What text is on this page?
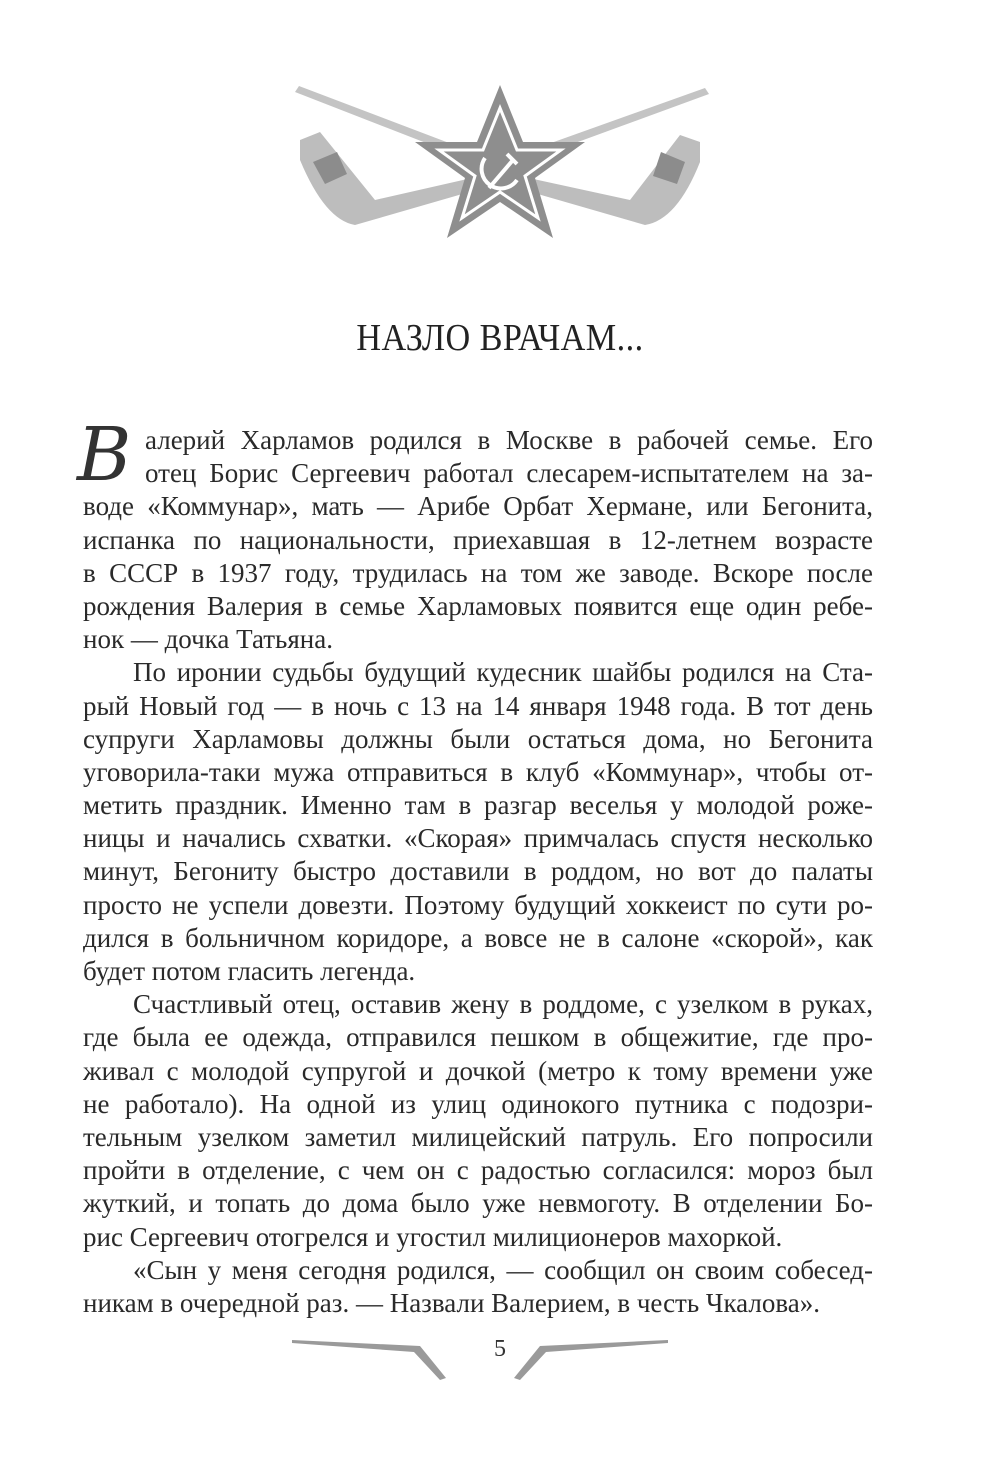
НАЗЛО ВРАЧАМ...
В алерий Харламов родился в Москве в рабочей семье. Его
отец Борис Сергеевич работал слесарем-испытателем на за-
воде «Коммунар», мать — Арибе Орбат Хермане, или Бегонита,
испанка по национальности, приехавшая в 12-летнем возрасте
в СССР в 1937 году, трудилась на том же заводе. Вскоре после
рождения Валерия в семье Харламовых появится еще один ребе-
нок — дочка Татьяна.
По иронии судьбы будущий кудесник шайбы родился на Ста-
рый Новый год — в ночь с 13 на 14 января 1948 года. В тот день
супруги Харламовы должны были остаться дома, но Бегонита
уговорила-таки мужа отправиться в клуб «Коммунар», чтобы от-
метить праздник. Именно там в разгар веселья у молодой роже-
ницы и начались схватки. «Скорая» примчалась спустя несколько
минут, Бегониту быстро доставили в роддом, но вот до палаты
просто не успели довезти. Поэтому будущий хоккеист по сути ро-
дился в больничном коридоре, а вовсе не в салоне «скорой», как
будет потом гласить легенда.
Счастливый отец, оставив жену в роддоме, с узелком в руках,
где была ее одежда, отправился пешком в общежитие, где про-
живал с молодой супругой и дочкой (метро к тому времени уже
не работало). На одной из улиц одинокого путника с подозри-
тельным узелком заметил милицейский патруль. Его попросили
пройти в отделение, с чем он с радостью согласился: мороз был
жуткий, и топать до дома было уже невмоготу. В отделении Бо-
рис Сергеевич отогрелся и угостил милиционеров махоркой.
«Сын у меня сегодня родился, — сообщил он своим собесед-
никам в очередной раз. — Назвали Валерием, в честь Чкалова».
5
